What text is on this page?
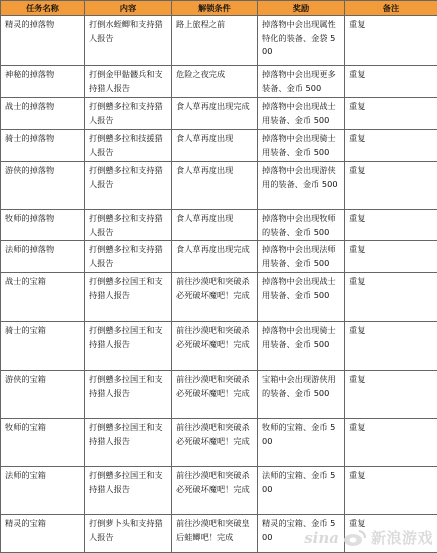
任务名称	内容	解锁条件	奖励	备注
精灵的掉落物	打倒水蛭鲫和支持猎人报告	路上旅程之前	掉落物中会出现属性特化的装备、金袋 500	重复
神秘的掉落物	打倒金甲骷髅兵和支持猎人报告	危险之夜完成	掉落物中会出现更多装备、金币 500	重复
战士的掉落物	打倒戆多拉和支持猎人报告	食人草再度出现完成	掉落物中会出现战士用装备、金币 500	重复
骑士的掉落物	打倒戆多拉和技援猎人报告	食人草再度出现	掉落物中会出现骑士用装备、金币 500	重复
游侠的掉落物	打倒戆多拉和支持猎人报告	食人草再度出现	掉落物中会出现游侠用的装备、金币 500	重复
牧师的掉落物	打倒戆多拉和支持猎人报告	食人草再度出现	掉落物中会出现牧师的装备、金币 500	重复
法师的掉落物	打倒戆多拉和支持猎人报告	食人草再度出现完成	掉落物中会出现法师用装备、金币 500	重复
战士的宝箱	打倒戆多拉国王和支持猎人报告	前往沙漠吧和突破杀必死破坏魔吧！完成	掉落物中会出现战士用装备、金币 500	重复
骑士的宝箱	打倒戆多拉国王和支持猎人报告	前往沙漠吧和突破杀必死破坏魔吧！完成	掉落物中会出现骑士用装备、金币 500	重复
游侠的宝箱	打倒戆多拉国王和支持猎人报告	前往沙漠吧和突破杀必死破坏魔吧！完成	宝箱中会出现游侠用的装备、金币 500	重复
牧师的宝箱	打倒戆多拉国王和支持猎人报告	前往沙漠吧和突破杀必死破坏魔吧！完成	牧师的宝箱、金币 500	重复
法师的宝箱	打倒戆多拉国王和支持猎人报告	前往沙漠吧和突破杀必死破坏魔吧！完成	法师的宝箱、金币 500	重复
精灵的宝箱	打倒萝卜头和支持猎人报告	前往沙漠吧和突破皇后蛙鲫吧！完成	精灵的宝箱、金币 500	重复
sina 新浪游戏
